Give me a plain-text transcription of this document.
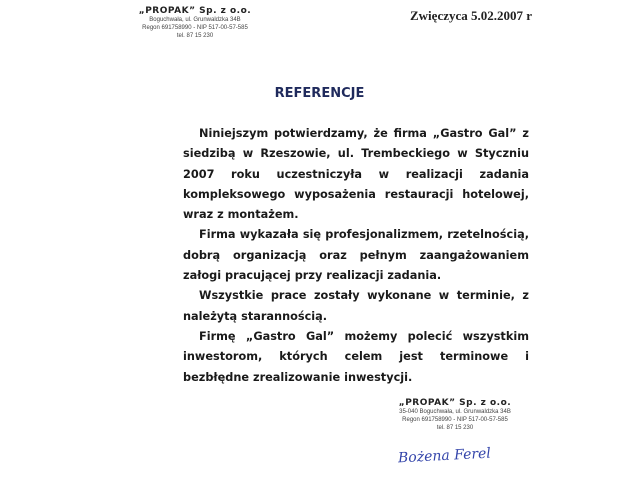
„PROPAK” Sp. z o.o.
Boguchwała, ul. Grunwaldzka 34B
Regon 691758990 - NIP 517-00-57-585
tel. 87 15 230
Zwięczyca 5.02.2007 r
REFERENCJE

Niniejszym potwierdzamy, że firma „Gastro Gal” z siedzibą w Rzeszowie, ul. Trembeckiego w Styczniu 2007 roku uczestniczyła w realizacji zadania kompleksowego wyposażenia restauracji hotelowej, wraz z montażem.

Firma wykazała się profesjonalizmem, rzetelnością, dobrą organizacją oraz pełnym zaangażowaniem załogi pracującej przy realizacji zadania.

Wszystkie prace zostały wykonane w terminie, z należytą starannością.

Firmę „Gastro Gal” możemy polecić wszystkim inwestorom, których celem jest terminowe i bezbłędne zrealizowanie inwestycji.

„PROPAK” Sp. z o.o.
35-040 Boguchwała, ul. Grunwaldzka 34B
Regon 691758990 - NIP 517-00-57-585
tel. 87 15 230
Bożena Ferel
